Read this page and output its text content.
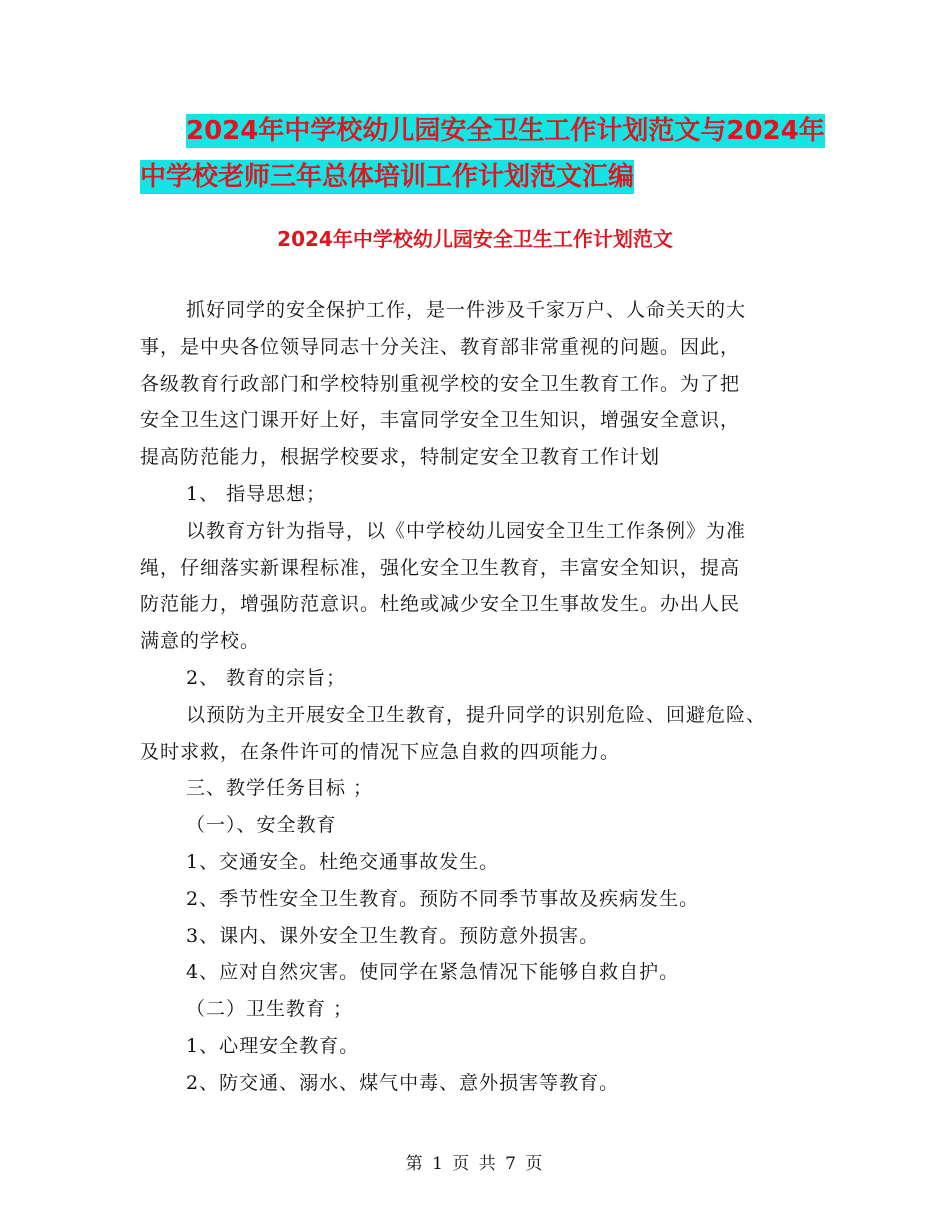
2024年中学校幼儿园安全卫生工作计划范文与2024年
中学校老师三年总体培训工作计划范文汇编
2024年中学校幼儿园安全卫生工作计划范文

抓好同学的安全保护工作，是一件涉及千家万户、人命关天的大

事，是中央各位领导同志十分关注、教育部非常重视的问题。因此，

各级教育行政部门和学校特别重视学校的安全卫生教育工作。为了把

安全卫生这门课开好上好，丰富同学安全卫生知识，增强安全意识，

提高防范能力，根据学校要求，特制定安全卫教育工作计划

1、 指导思想；

以教育方针为指导，以《中学校幼儿园安全卫生工作条例》为准

绳，仔细落实新课程标准，强化安全卫生教育，丰富安全知识，提高

防范能力，增强防范意识。杜绝或减少安全卫生事故发生。办出人民

满意的学校。

2、 教育的宗旨；

以预防为主开展安全卫生教育，提升同学的识别危险、回避危险、

及时求救，在条件许可的情况下应急自救的四项能力。

三、教学任务目标 ；

（一）、安全教育

1、交通安全。杜绝交通事故发生。

2、季节性安全卫生教育。预防不同季节事故及疾病发生。

3、课内、课外安全卫生教育。预防意外损害。

4、应对自然灾害。使同学在紧急情况下能够自救自护。

（二）卫生教育 ；

1、心理安全教育。

2、防交通、溺水、煤气中毒、意外损害等教育。

第 1 页 共 7 页
